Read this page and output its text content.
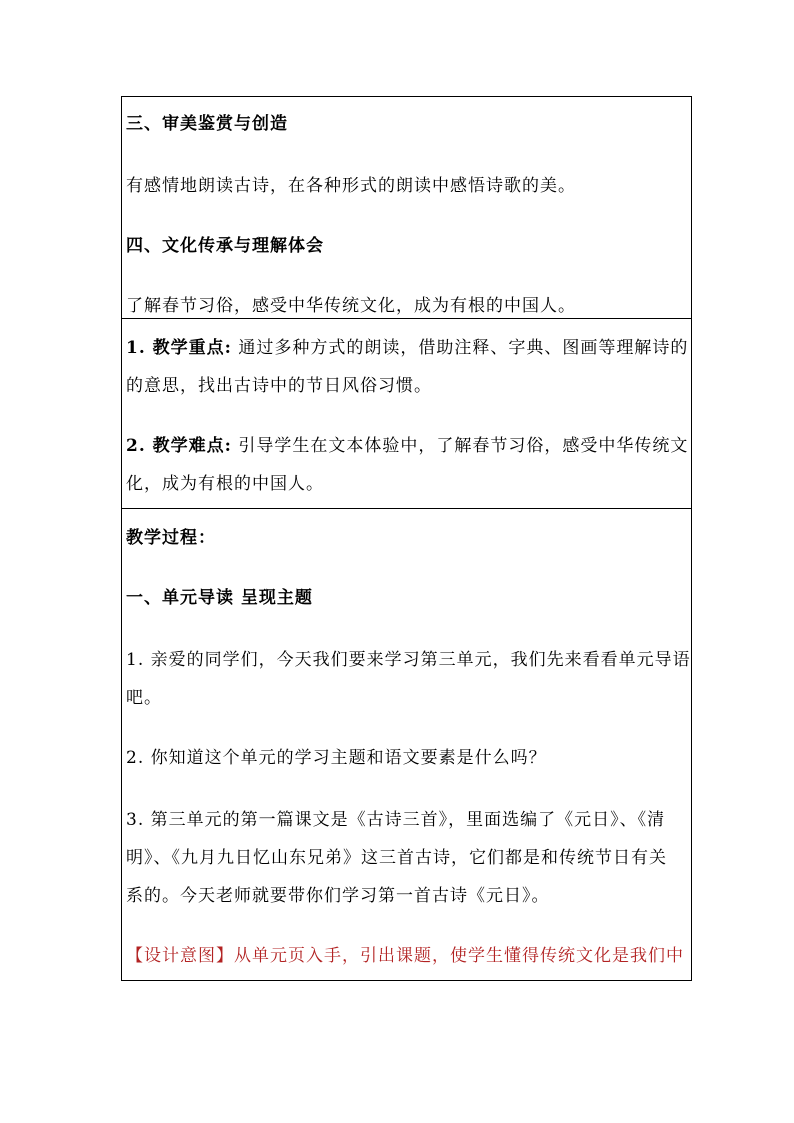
三、审美鉴赏与创造
有感情地朗读古诗，在各种形式的朗读中感悟诗歌的美。
四、文化传承与理解体会
了解春节习俗，感受中华传统文化，成为有根的中国人。
1. 教学重点: 通过多种方式的朗读，借助注释、字典、图画等理解诗的
的意思，找出古诗中的节日风俗习惯。
2. 教学难点: 引导学生在文本体验中，了解春节习俗，感受中华传统文
化，成为有根的中国人。
教学过程：
一、单元导读 呈现主题
1. 亲爱的同学们，今天我们要来学习第三单元，我们先来看看单元导语
吧。
2. 你知道这个单元的学习主题和语文要素是什么吗？
3. 第三单元的第一篇课文是《古诗三首》，里面选编了《元日》、《清
明》、《九月九日忆山东兄弟》这三首古诗，它们都是和传统节日有关
系的。今天老师就要带你们学习第一首古诗《元日》。
【设计意图】从单元页入手，引出课题，使学生懂得传统文化是我们中
